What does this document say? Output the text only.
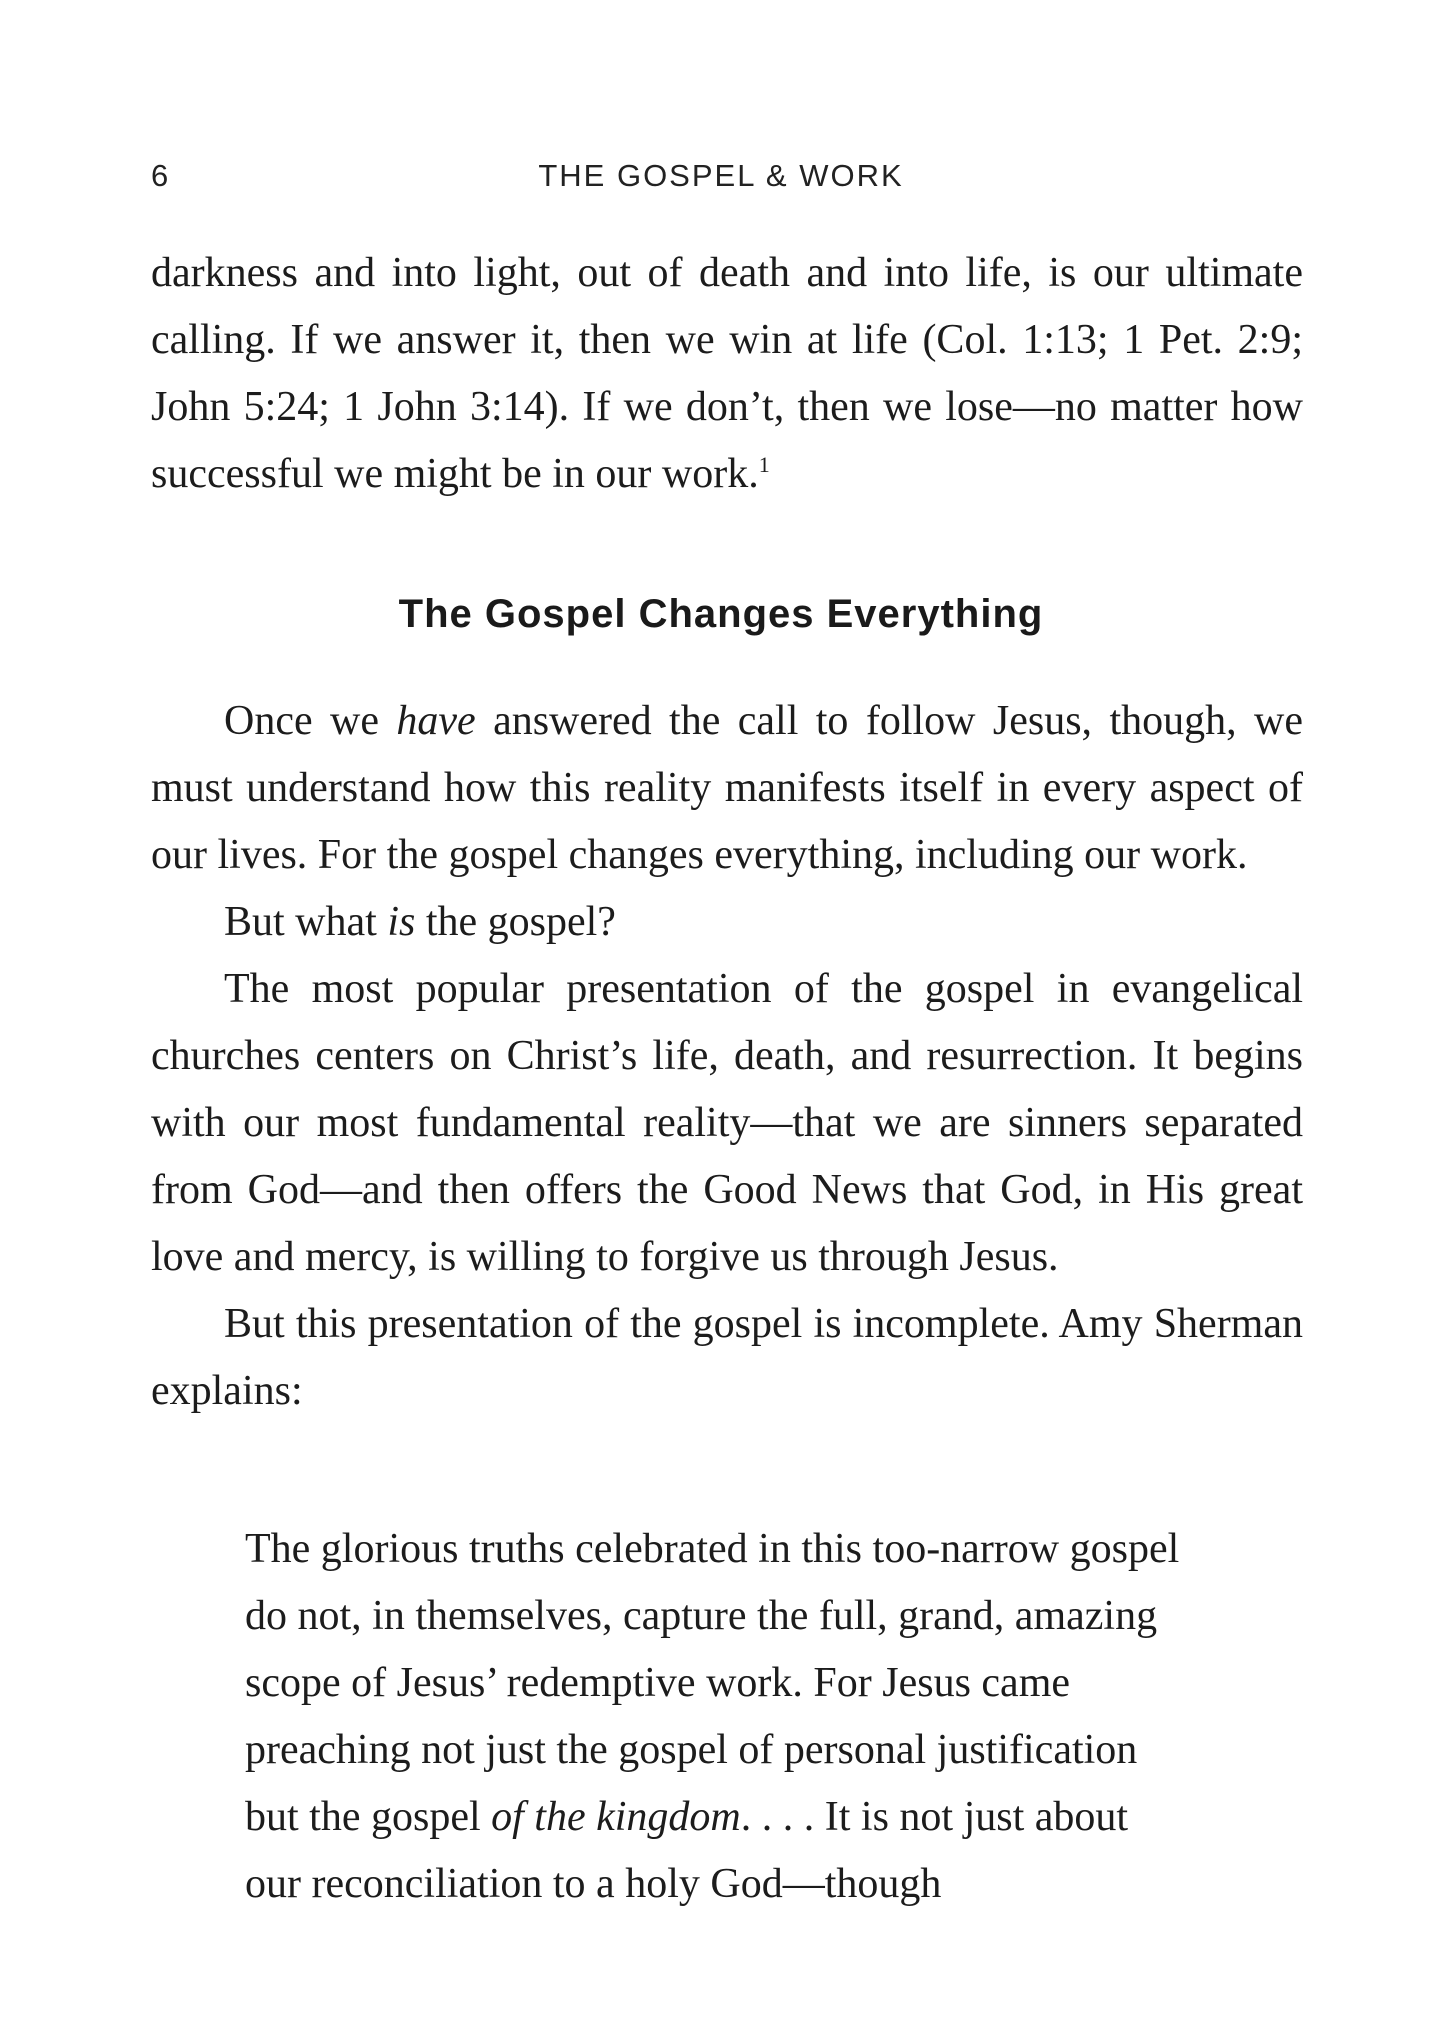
6	THE GOSPEL & WORK

darkness and into light, out of death and into life, is our ultimate calling. If we answer it, then we win at life (Col. 1:13; 1 Pet. 2:9; John 5:24; 1 John 3:14). If we don’t, then we lose—no matter how successful we might be in our work.$^1$

The Gospel Changes Everything

Once we have answered the call to follow Jesus, though, we must understand how this reality manifests itself in every aspect of our lives. For the gospel changes everything, including our work.

But what is the gospel?

The most popular presentation of the gospel in evangelical churches centers on Christ’s life, death, and resurrection. It begins with our most fundamental reality—that we are sinners separated from God—and then offers the Good News that God, in His great love and mercy, is willing to forgive us through Jesus.

But this presentation of the gospel is incomplete. Amy Sherman explains:

The glorious truths celebrated in this too-narrow gospel do not, in themselves, capture the full, grand, amazing scope of Jesus’ redemptive work. For Jesus came preaching not just the gospel of personal justification but the gospel of the kingdom. . . . It is not just about our reconciliation to a holy God—though
